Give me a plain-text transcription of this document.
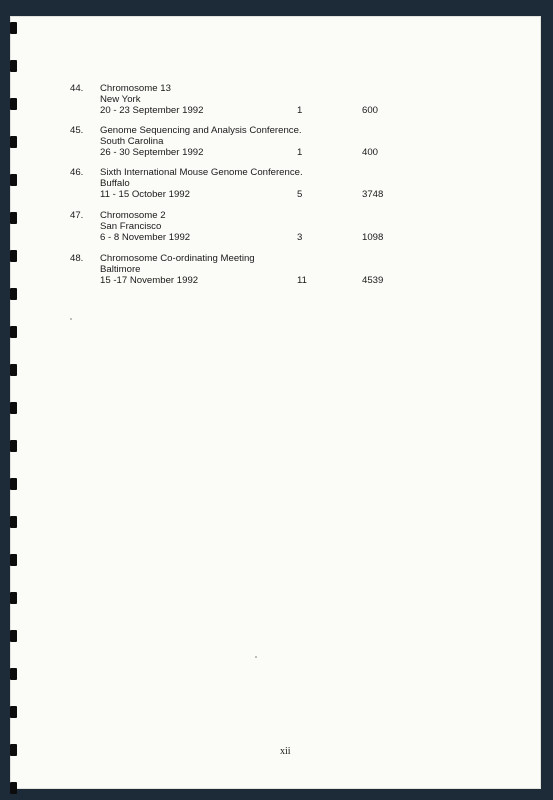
44. Chromosome 13
New York
20 - 23 September 1992	1	600
45. Genome Sequencing and Analysis Conference.
South Carolina
26 - 30 September 1992	1	400
46. Sixth International Mouse Genome Conference.
Buffalo
11 - 15 October 1992	5	3748
47. Chromosome 2
San Francisco
6 - 8 November 1992	3	1098
48. Chromosome Co-ordinating Meeting
Baltimore
15 -17 November 1992	11	4539
xii
